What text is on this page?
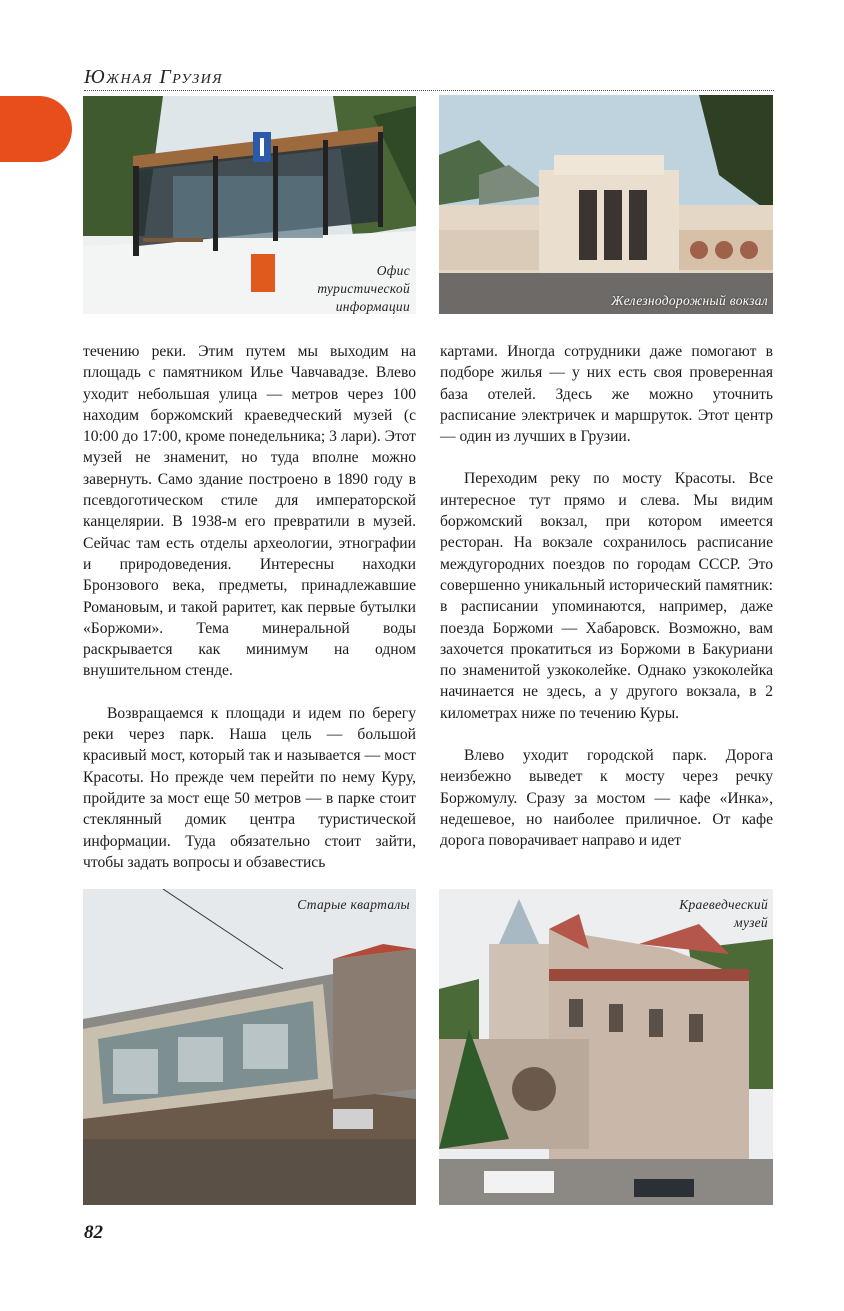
Южная Грузия
Офис
туристической
информации	Железнодорожный вокзал

течению реки. Этим путем мы выходим на площадь с памятником Илье Чавчавадзе. Влево уходит небольшая улица — метров через 100 находим боржомский краеведческий музей (с 10:00 до 17:00, кроме понедельника; 3 лари). Этот музей не знаменит, но туда вполне можно завернуть. Само здание построено в 1890 году в псевдоготическом стиле для императорской канцелярии. В 1938-м его превратили в музей. Сейчас там есть отделы археологии, этнографии и природоведения. Интересны находки Бронзового века, предметы, принадлежавшие Романовым, и такой раритет, как первые бутылки «Боржоми». Тема минеральной воды раскрывается как минимум на одном внушительном стенде.

Возвращаемся к площади и идем по берегу реки через парк. Наша цель — большой красивый мост, который так и называется — мост Красоты. Но прежде чем перейти по нему Куру, пройдите за мост еще 50 метров — в парке стоит стеклянный домик центра туристической информации. Туда обязательно стоит зайти, чтобы задать вопросы и обзавестись

картами. Иногда сотрудники даже помогают в подборе жилья — у них есть своя проверенная база отелей. Здесь же можно уточнить расписание электричек и маршруток. Этот центр — один из лучших в Грузии.

Переходим реку по мосту Красоты. Все интересное тут прямо и слева. Мы видим боржомский вокзал, при котором имеется ресторан. На вокзале сохранилось расписание междугородних поездов по городам СССР. Это совершенно уникальный исторический памятник: в расписании упоминаются, например, даже поезда Боржоми — Хабаровск. Возможно, вам захочется прокатиться из Боржоми в Бакуриани по знаменитой узкоколейке. Однако узкоколейка начинается не здесь, а у другого вокзала, в 2 километрах ниже по течению Куры.

Влево уходит городской парк. Дорога неизбежно выведет к мосту через речку Боржомулу. Сразу за мостом — кафе «Инка», недешевое, но наиболее приличное. От кафе дорога поворачивает направо и идет

Старые кварталы	Краеведческий
музей
82
